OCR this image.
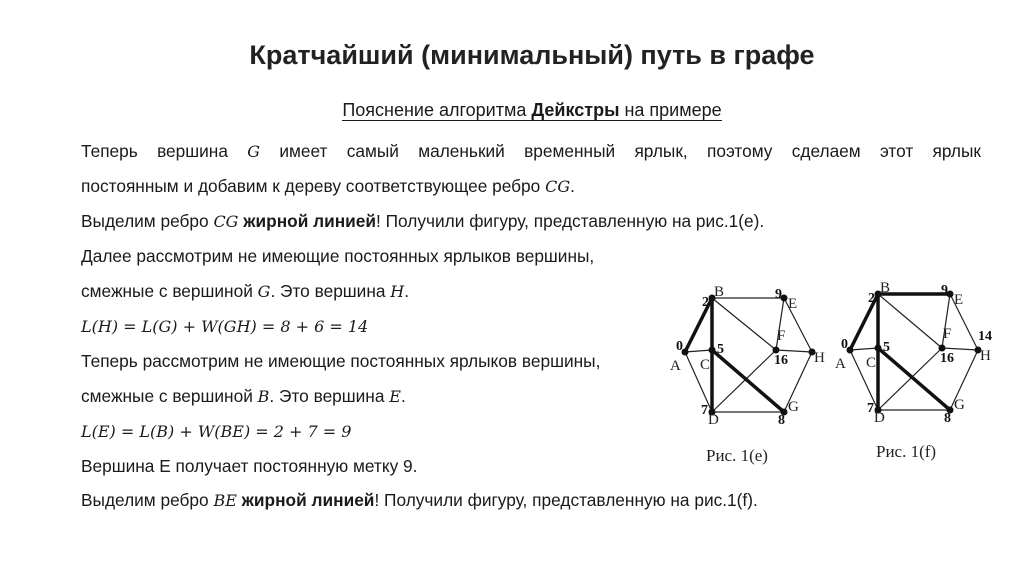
Кратчайший (минимальный) путь в графе
Пояснение алгоритма Дейкстры на примере
Теперь вершина G имеет самый маленький временный ярлык, поэтому сделаем этот ярлык
постоянным и добавим к дереву соответствующее ребро CG.
Выделим ребро CG жирной линией! Получили фигуру, представленную на рис.1(e).
Далее рассмотрим не имеющие постоянных ярлыков вершины,
смежные с вершиной G. Это вершина H.
L(H) = L(G) + W(GH) = 8 + 6 = 14
Теперь рассмотрим не имеющие постоянных ярлыков вершины,
смежные с вершиной B. Это вершина E.
L(E) = L(B) + W(BE) = 2 + 7 = 9
Вершина E получает постоянную метку 9.
Выделим ребро BE жирной линией! Получили фигуру, представленную на рис.1(f).
0
A
2
B
5
C
7
D
9
E
F
16
8
G
H
Рис. 1(e)
0
A
2
B
5
C
7
D
9
E
F
16
8
G
H
14
Рис. 1(f)
